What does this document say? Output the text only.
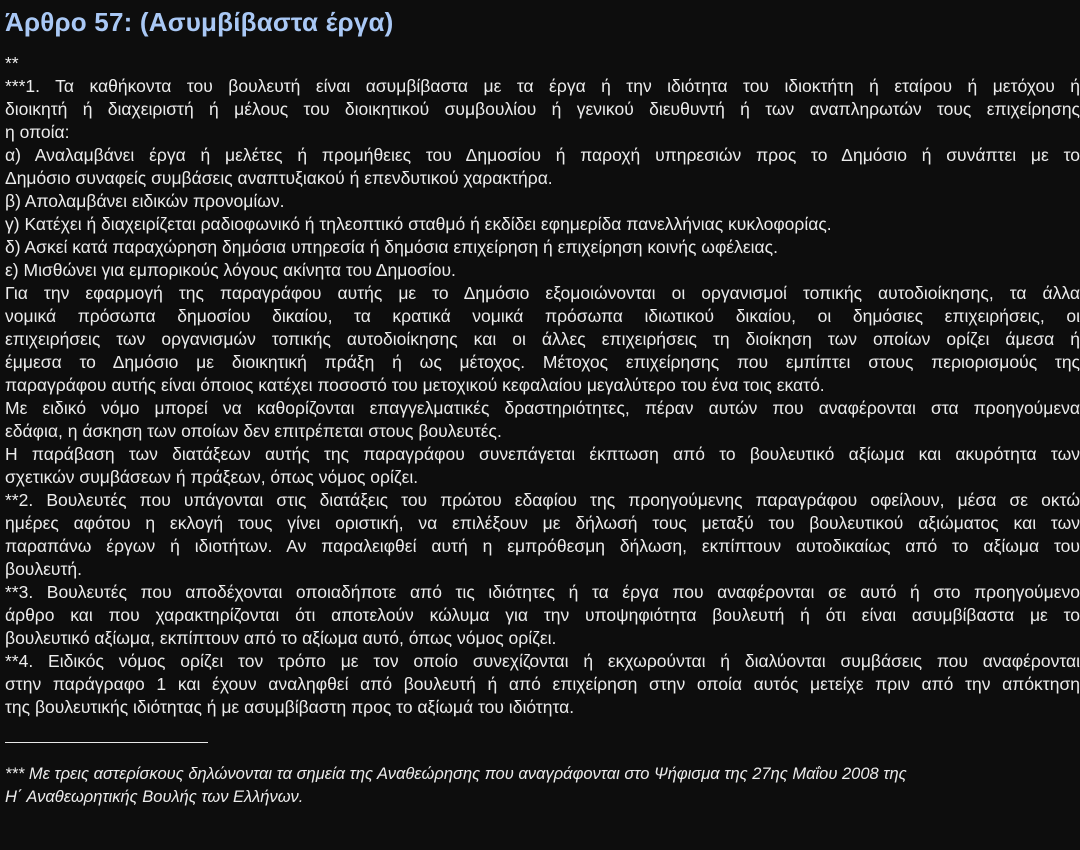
Άρθρο 57: (Ασυμβίβαστα έργα)
**
***1. Τα καθήκοντα του βουλευτή είναι ασυμβίβαστα με τα έργα ή την ιδιότητα του ιδιοκτήτη ή εταίρου ή μετόχου ή
διοικητή ή διαχειριστή ή μέλους του διοικητικού συμβουλίου ή γενικού διευθυντή ή των αναπληρωτών τους επιχείρησης
η οποία:
α) Αναλαμβάνει έργα ή μελέτες ή προμήθειες του Δημοσίου ή παροχή υπηρεσιών προς το Δημόσιο ή συνάπτει με το
Δημόσιο συναφείς συμβάσεις αναπτυξιακού ή επενδυτικού χαρακτήρα.
β) Απολαμβάνει ειδικών προνομίων.
γ) Κατέχει ή διαχειρίζεται ραδιοφωνικό ή τηλεοπτικό σταθμό ή εκδίδει εφημερίδα πανελλήνιας κυκλοφορίας.
δ) Ασκεί κατά παραχώρηση δημόσια υπηρεσία ή δημόσια επιχείρηση ή επιχείρηση κοινής ωφέλειας.
ε) Μισθώνει για εμπορικούς λόγους ακίνητα του Δημοσίου.
Για την εφαρμογή της παραγράφου αυτής με το Δημόσιο εξομοιώνονται οι οργανισμοί τοπικής αυτοδιοίκησης, τα άλλα
νομικά πρόσωπα δημοσίου δικαίου, τα κρατικά νομικά πρόσωπα ιδιωτικού δικαίου, οι δημόσιες επιχειρήσεις, οι
επιχειρήσεις των οργανισμών τοπικής αυτοδιοίκησης και οι άλλες επιχειρήσεις τη διοίκηση των οποίων ορίζει άμεσα ή
έμμεσα το Δημόσιο με διοικητική πράξη ή ως μέτοχος. Μέτοχος επιχείρησης που εμπίπτει στους περιορισμούς της
παραγράφου αυτής είναι όποιος κατέχει ποσοστό του μετοχικού κεφαλαίου μεγαλύτερο του ένα τοις εκατό.
Με ειδικό νόμο μπορεί να καθορίζονται επαγγελματικές δραστηριότητες, πέραν αυτών που αναφέρονται στα προηγούμενα
εδάφια, η άσκηση των οποίων δεν επιτρέπεται στους βουλευτές.
Η παράβαση των διατάξεων αυτής της παραγράφου συνεπάγεται έκπτωση από το βουλευτικό αξίωμα και ακυρότητα των
σχετικών συμβάσεων ή πράξεων, όπως νόμος ορίζει.
**2. Βουλευτές που υπάγονται στις διατάξεις του πρώτου εδαφίου της προηγούμενης παραγράφου οφείλουν, μέσα σε οκτώ
ημέρες αφότου η εκλογή τους γίνει οριστική, να επιλέξουν με δήλωσή τους μεταξύ του βουλευτικού αξιώματος και των
παραπάνω έργων ή ιδιοτήτων. Αν παραλειφθεί αυτή η εμπρόθεσμη δήλωση, εκπίπτουν αυτοδικαίως από το αξίωμα του
βουλευτή.
**3. Βουλευτές που αποδέχονται οποιαδήποτε από τις ιδιότητες ή τα έργα που αναφέρονται σε αυτό ή στο προηγούμενο
άρθρο και που χαρακτηρίζονται ότι αποτελούν κώλυμα για την υποψηφιότητα βουλευτή ή ότι είναι ασυμβίβαστα με το
βουλευτικό αξίωμα, εκπίπτουν από το αξίωμα αυτό, όπως νόμος ορίζει.
**4. Ειδικός νόμος ορίζει τον τρόπο με τον οποίο συνεχίζονται ή εκχωρούνται ή διαλύονται συμβάσεις που αναφέρονται
στην παράγραφο 1 και έχουν αναληφθεί από βουλευτή ή από επιχείρηση στην οποία αυτός μετείχε πριν από την απόκτηση
της βουλευτικής ιδιότητας ή με ασυμβίβαστη προς το αξίωμά του ιδιότητα.
*** Με τρεις αστερίσκους δηλώνονται τα σημεία της Αναθεώρησης που αναγράφονται στο Ψήφισμα της 27ης Μαΐου 2008 της
Η΄ Αναθεωρητικής Βουλής των Ελλήνων.
